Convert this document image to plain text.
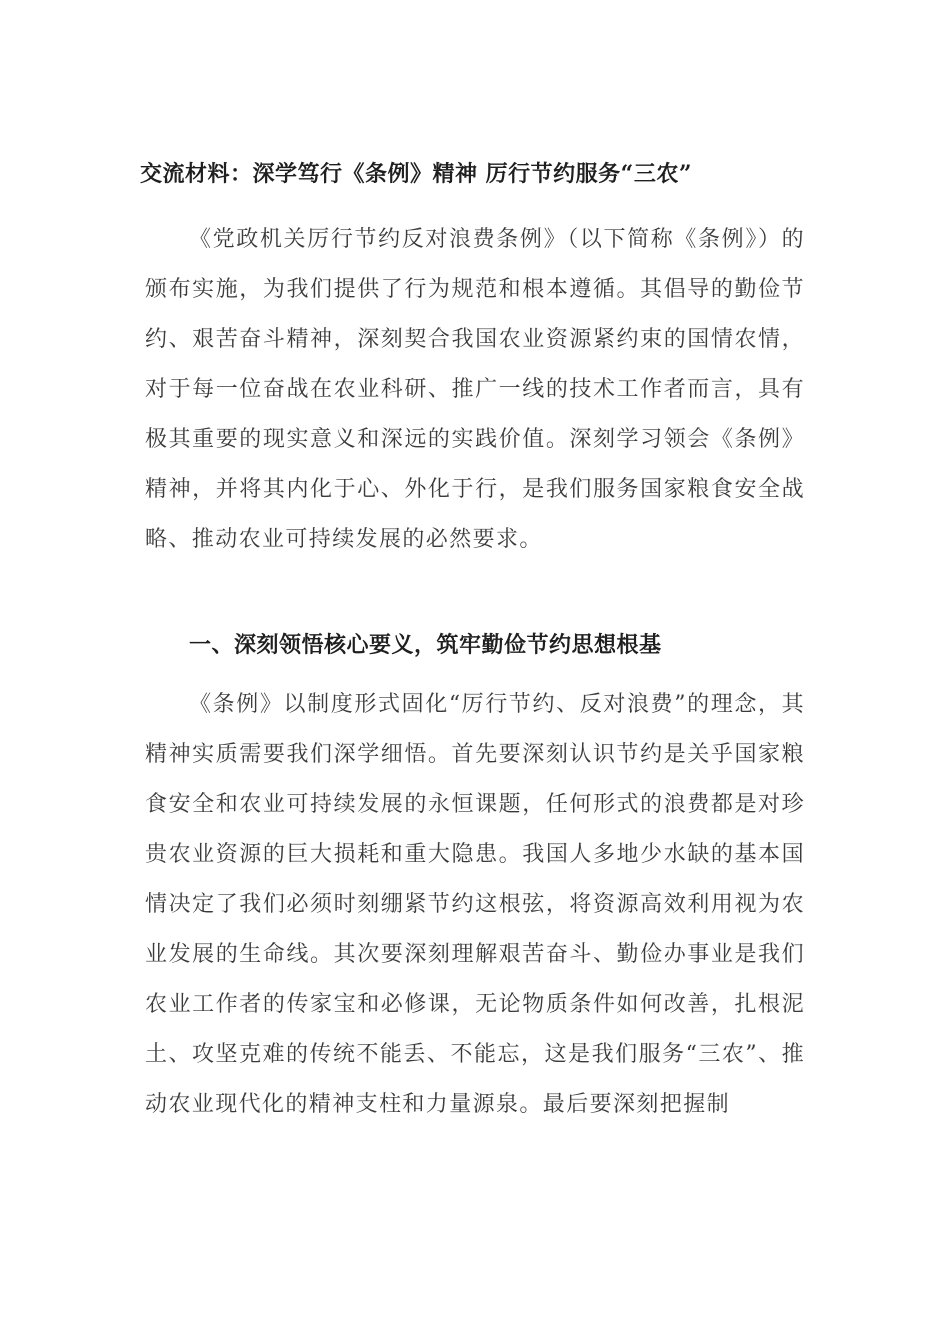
交流材料：深学笃行《条例》精神 厉行节约服务“三农”

《党政机关厉行节约反对浪费条例》（以下简称《条例》）的颁布实施，为我们提供了行为规范和根本遵循。其倡导的勤俭节约、艰苦奋斗精神，深刻契合我国农业资源紧约束的国情农情，对于每一位奋战在农业科研、推广一线的技术工作者而言，具有极其重要的现实意义和深远的实践价值。深刻学习领会《条例》精神，并将其内化于心、外化于行，是我们服务国家粮食安全战略、推动农业可持续发展的必然要求。

一、深刻领悟核心要义，筑牢勤俭节约思想根基

《条例》以制度形式固化“厉行节约、反对浪费”的理念，其精神实质需要我们深学细悟。首先要深刻认识节约是关乎国家粮食安全和农业可持续发展的永恒课题，任何形式的浪费都是对珍贵农业资源的巨大损耗和重大隐患。我国人多地少水缺的基本国情决定了我们必须时刻绷紧节约这根弦，将资源高效利用视为农业发展的生命线。其次要深刻理解艰苦奋斗、勤俭办事业是我们农业工作者的传家宝和必修课，无论物质条件如何改善，扎根泥土、攻坚克难的传统不能丢、不能忘，这是我们服务“三农”、推动农业现代化的精神支柱和力量源泉。最后要深刻把握制
